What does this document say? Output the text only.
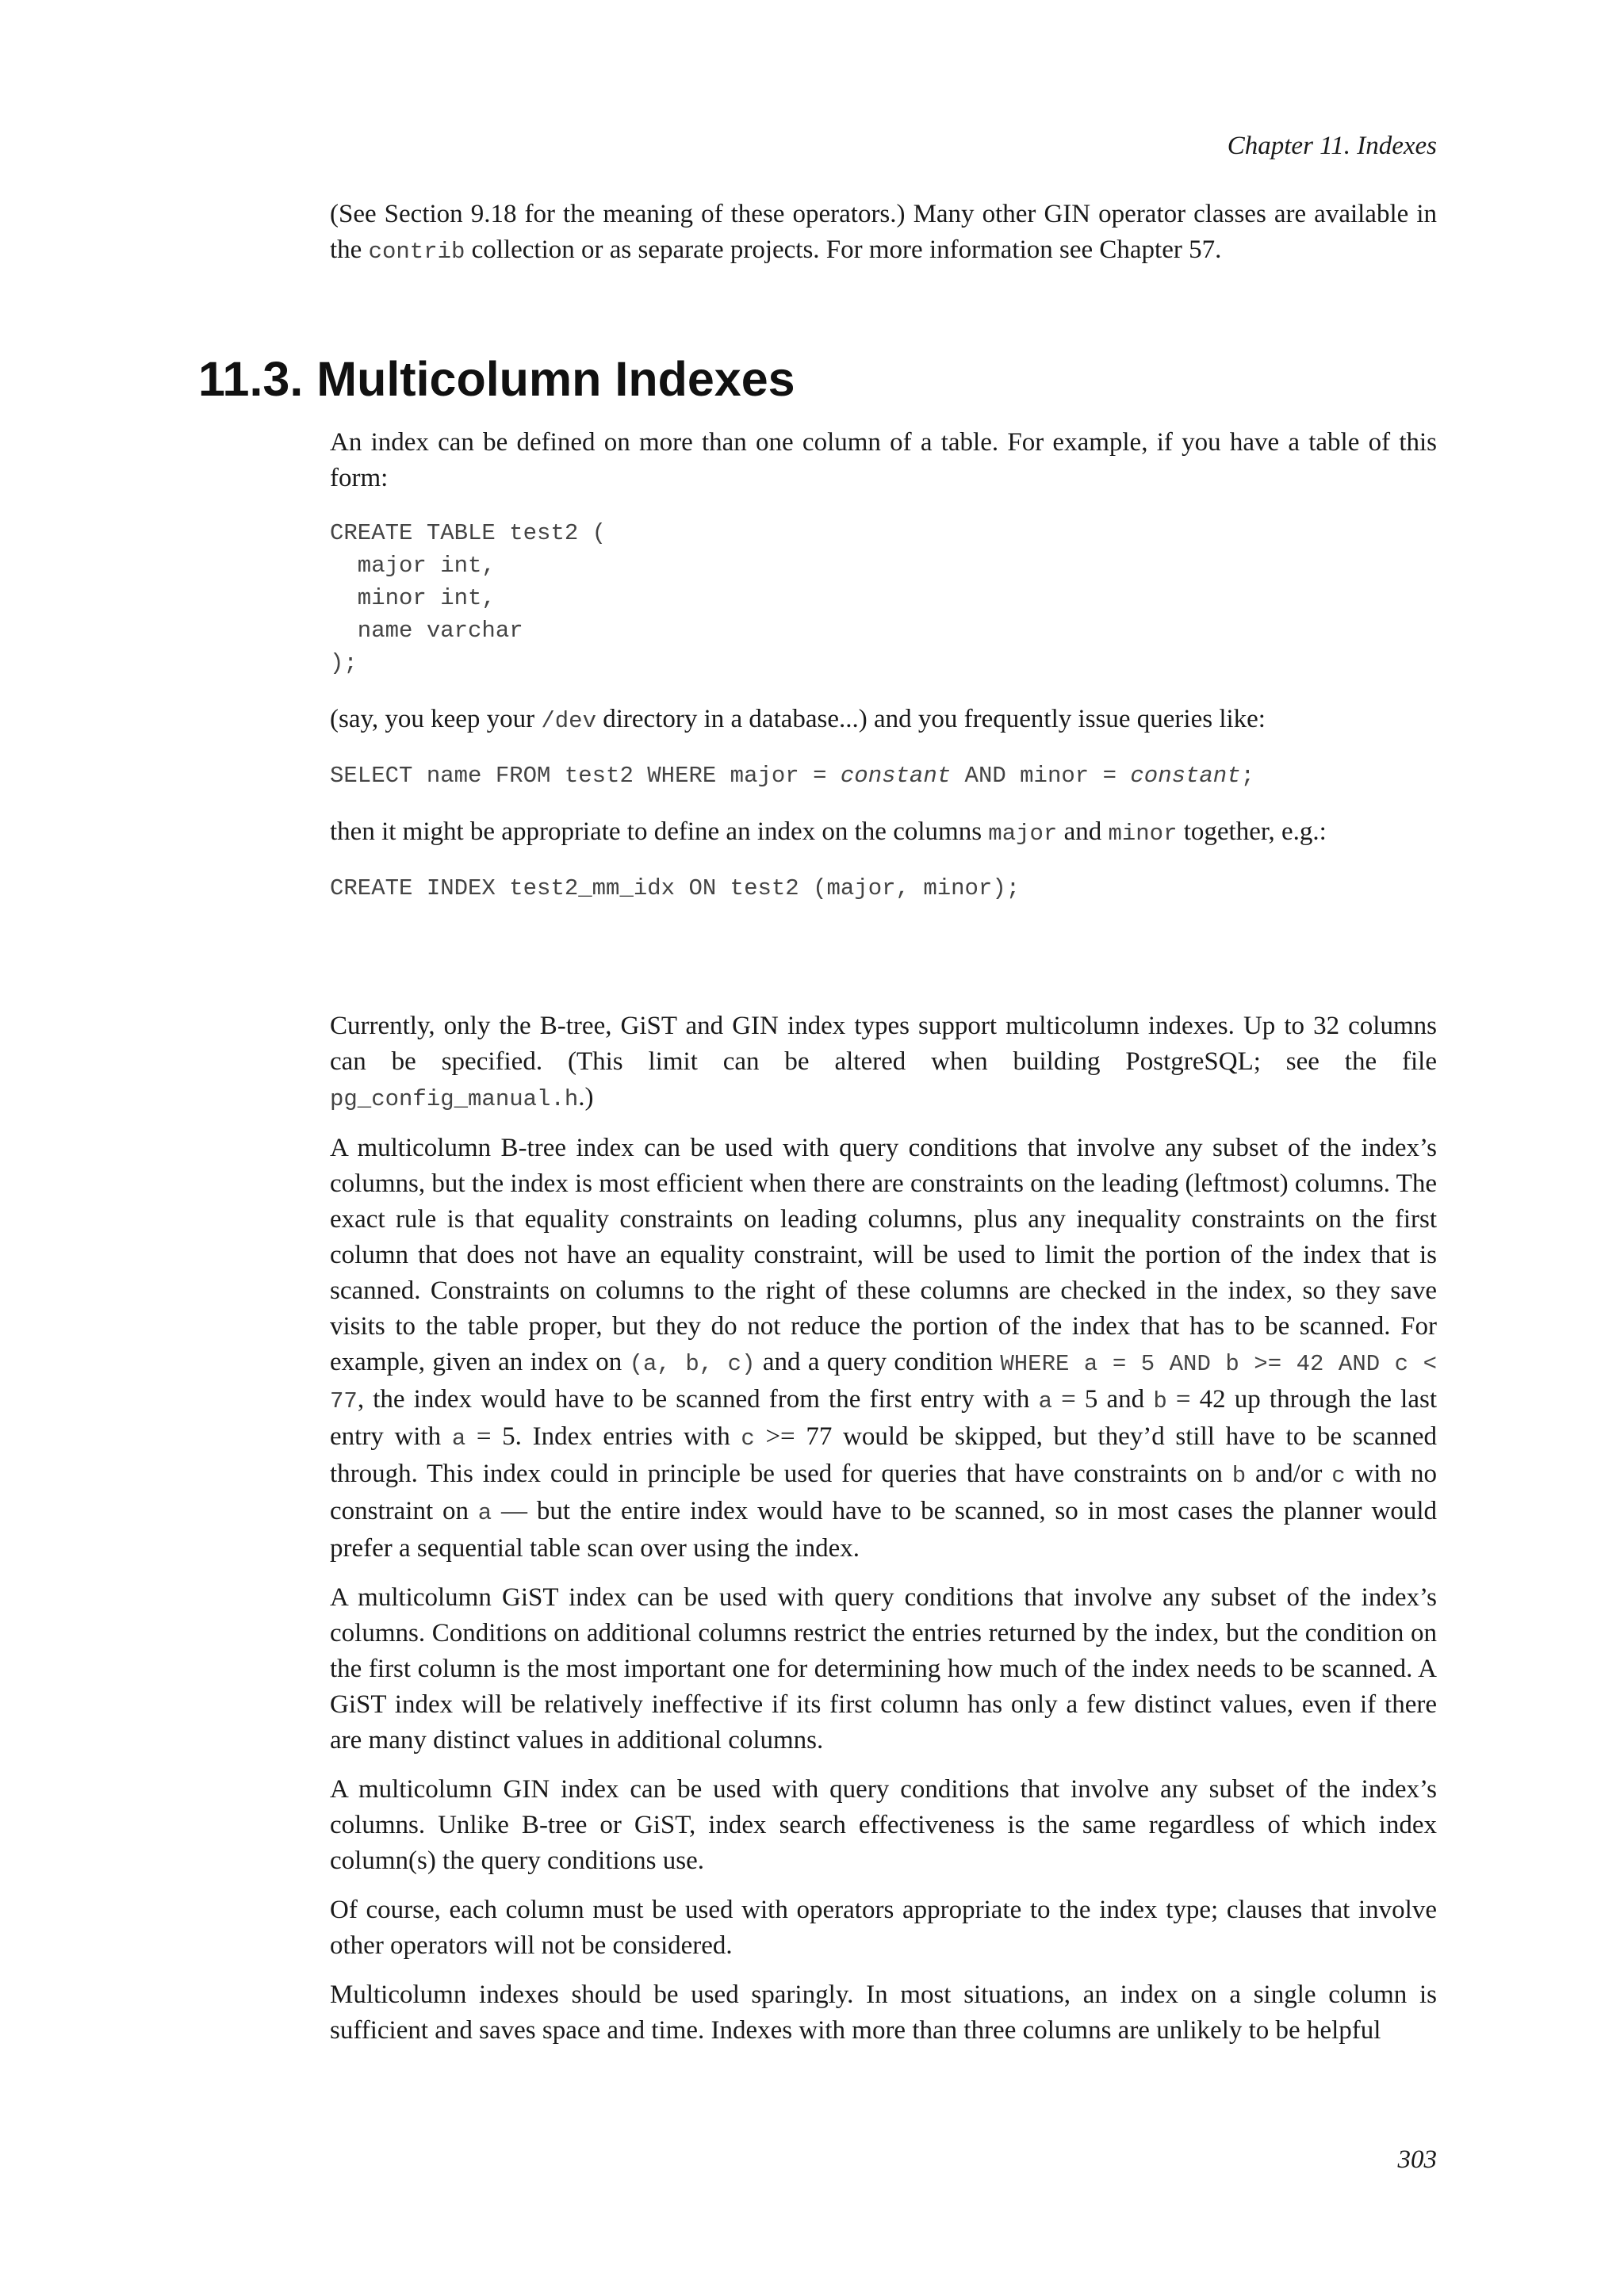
Chapter 11. Indexes

(See Section 9.18 for the meaning of these operators.) Many other GIN operator classes are available in the contrib collection or as separate projects. For more information see Chapter 57.

11.3. Multicolumn Indexes

An index can be defined on more than one column of a table. For example, if you have a table of this form:

CREATE TABLE test2 (
major int,
minor int,
name varchar
);

(say, you keep your /dev directory in a database...) and you frequently issue queries like:

SELECT name FROM test2 WHERE major = constant AND minor = constant;

then it might be appropriate to define an index on the columns major and minor together, e.g.:

CREATE INDEX test2_mm_idx ON test2 (major, minor);

Currently, only the B-tree, GiST and GIN index types support multicolumn indexes. Up to 32 columns can be specified. (This limit can be altered when building PostgreSQL; see the file pg_config_manual.h.)

A multicolumn B-tree index can be used with query conditions that involve any subset of the index’s columns, but the index is most efficient when there are constraints on the leading (leftmost) columns. The exact rule is that equality constraints on leading columns, plus any inequality constraints on the first column that does not have an equality constraint, will be used to limit the portion of the index that is scanned. Constraints on columns to the right of these columns are checked in the index, so they save visits to the table proper, but they do not reduce the portion of the index that has to be scanned. For example, given an index on (a, b, c) and a query condition WHERE a = 5 AND b >= 42 AND c < 77, the index would have to be scanned from the first entry with a = 5 and b = 42 up through the last entry with a = 5. Index entries with c >= 77 would be skipped, but they’d still have to be scanned through. This index could in principle be used for queries that have constraints on b and/or c with no constraint on a — but the entire index would have to be scanned, so in most cases the planner would prefer a sequential table scan over using the index.

A multicolumn GiST index can be used with query conditions that involve any subset of the index’s columns. Conditions on additional columns restrict the entries returned by the index, but the condition on the first column is the most important one for determining how much of the index needs to be scanned. A GiST index will be relatively ineffective if its first column has only a few distinct values, even if there are many distinct values in additional columns.

A multicolumn GIN index can be used with query conditions that involve any subset of the index’s columns. Unlike B-tree or GiST, index search effectiveness is the same regardless of which index column(s) the query conditions use.

Of course, each column must be used with operators appropriate to the index type; clauses that involve other operators will not be considered.

Multicolumn indexes should be used sparingly. In most situations, an index on a single column is sufficient and saves space and time. Indexes with more than three columns are unlikely to be helpful

303
